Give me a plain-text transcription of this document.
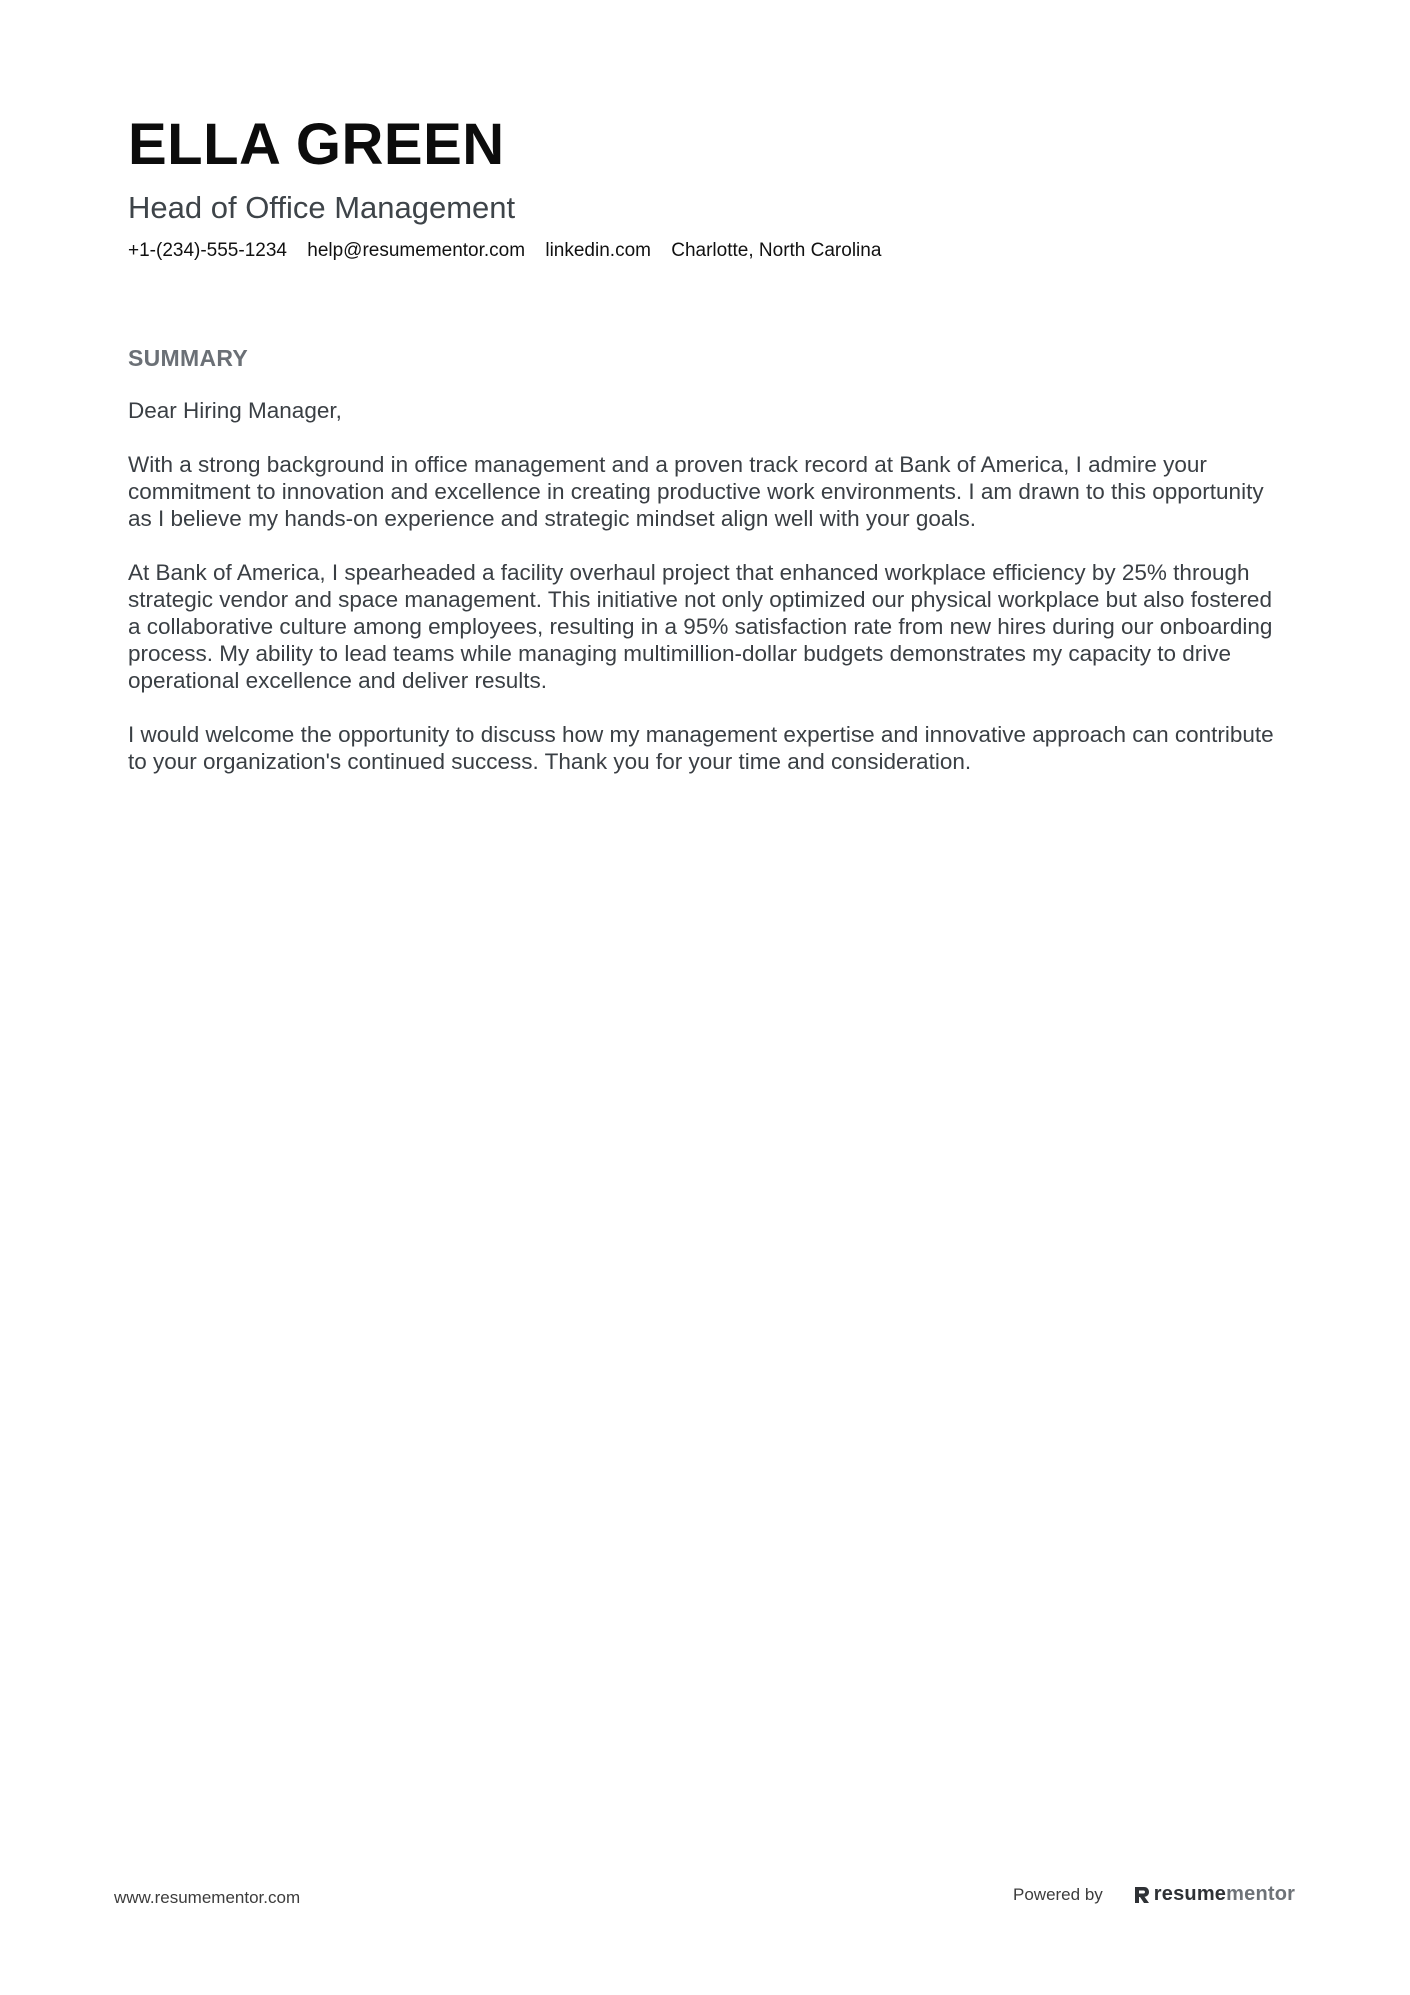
ELLA GREEN
Head of Office Management
+1-(234)-555-1234 help@resumementor.com linkedin.com Charlotte, North Carolina
SUMMARY

Dear Hiring Manager,

With a strong background in office management and a proven track record at Bank of America, I admire your commitment to innovation and excellence in creating productive work environments. I am drawn to this opportunity as I believe my hands-on experience and strategic mindset align well with your goals.

At Bank of America, I spearheaded a facility overhaul project that enhanced workplace efficiency by 25% through strategic vendor and space management. This initiative not only optimized our physical workplace but also fostered a collaborative culture among employees, resulting in a 95% satisfaction rate from new hires during our onboarding process. My ability to lead teams while managing multimillion-dollar budgets demonstrates my capacity to drive operational excellence and deliver results.

I would welcome the opportunity to discuss how my management expertise and innovative approach can contribute to your organization's continued success. Thank you for your time and consideration.

www.resumementor.com	Powered by	resume mentor
